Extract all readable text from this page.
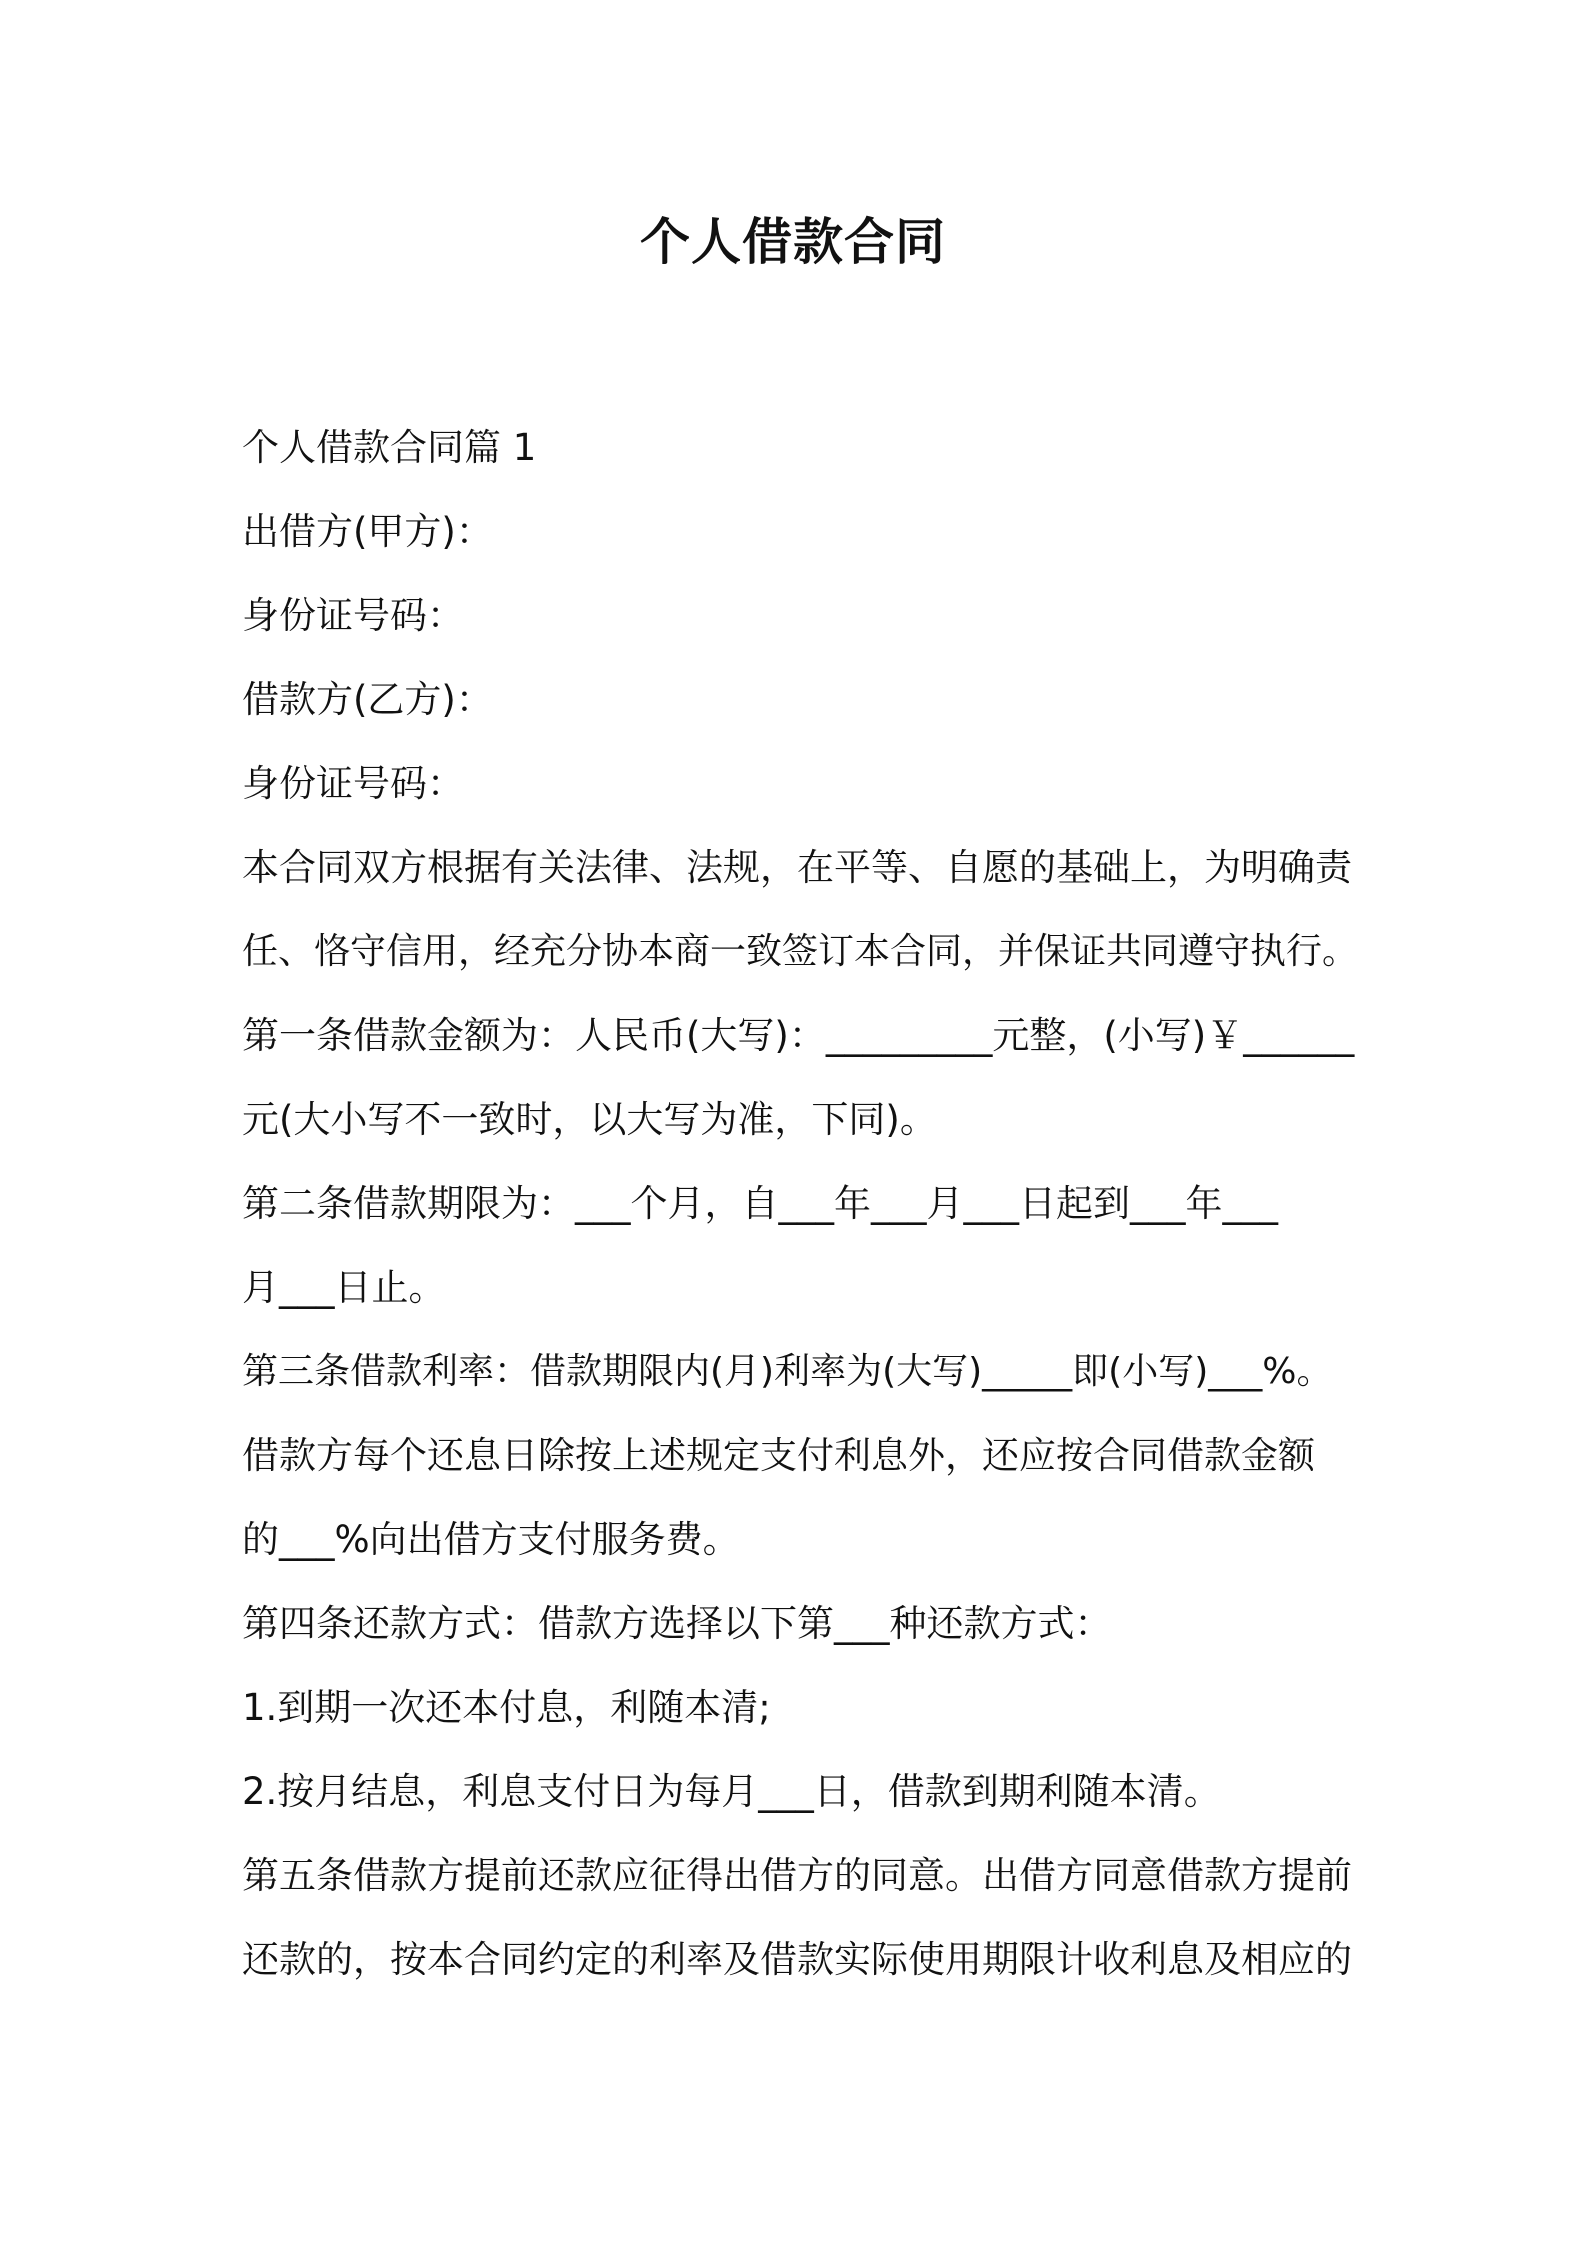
个人借款合同
个人借款合同篇 1
出借方(甲方)：
身份证号码：
借款方(乙方)：
身份证号码：
本合同双方根据有关法律、法规，在平等、自愿的基础上，为明确责
任、恪守信用，经充分协本商一致签订本合同，并保证共同遵守执行。
第一条借款金额为：人民币(大写)：_________元整，(小写)￥______
元(大小写不一致时，以大写为准，下同)。
第二条借款期限为：___个月，自___年___月___日起到___年___
月___日止。
第三条借款利率：借款期限内(月)利率为(大写)_____即(小写)___%。
借款方每个还息日除按上述规定支付利息外，还应按合同借款金额
的___%向出借方支付服务费。
第四条还款方式：借款方选择以下第___种还款方式：
1.到期一次还本付息，利随本清;
2.按月结息，利息支付日为每月___日，借款到期利随本清。
第五条借款方提前还款应征得出借方的同意。出借方同意借款方提前
还款的，按本合同约定的利率及借款实际使用期限计收利息及相应的
